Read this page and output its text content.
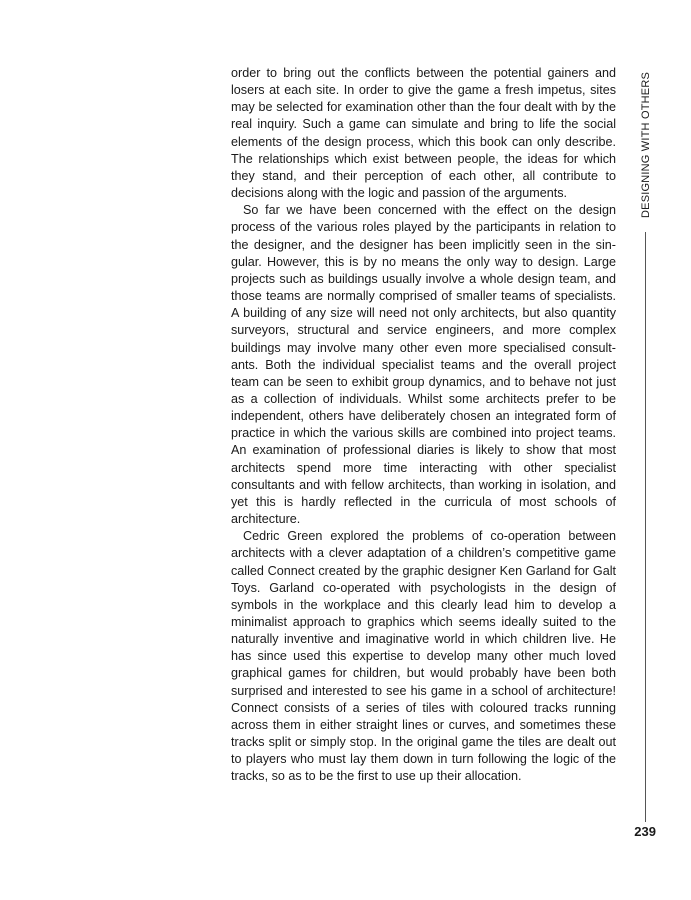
order to bring out the conflicts between the potential gainers and losers at each site. In order to give the game a fresh impetus, sites may be selected for examination other than the four dealt with by the real inquiry. Such a game can simulate and bring to life the social elements of the design process, which this book can only describe. The relationships which exist between people, the ideas for which they stand, and their perception of each other, all contribute to decisions along with the logic and passion of the arguments.

So far we have been concerned with the effect on the design process of the various roles played by the participants in relation to the designer, and the designer has been implicitly seen in the singular. However, this is by no means the only way to design. Large projects such as buildings usually involve a whole design team, and those teams are normally comprised of smaller teams of specialists. A building of any size will need not only architects, but also quantity surveyors, structural and service engineers, and more complex buildings may involve many other even more specialised consultants. Both the individual specialist teams and the overall project team can be seen to exhibit group dynamics, and to behave not just as a collection of individuals. Whilst some architects prefer to be independent, others have deliberately chosen an integrated form of practice in which the various skills are combined into project teams. An examination of professional diaries is likely to show that most architects spend more time interacting with other specialist consultants and with fellow architects, than working in isolation, and yet this is hardly reflected in the curricula of most schools of architecture.

Cedric Green explored the problems of co-operation between architects with a clever adaptation of a children’s competitive game called Connect created by the graphic designer Ken Garland for Galt Toys. Garland co-operated with psychologists in the design of symbols in the workplace and this clearly lead him to develop a minimalist approach to graphics which seems ideally suited to the naturally inventive and imaginative world in which children live. He has since used this expertise to develop many other much loved graphical games for children, but would probably have been both surprised and interested to see his game in a school of architecture! Connect consists of a series of tiles with coloured tracks running across them in either straight lines or curves, and sometimes these tracks split or simply stop. In the original game the tiles are dealt out to players who must lay them down in turn following the logic of the tracks, so as to be the first to use up their allocation.

DESIGNING WITH OTHERS
239
